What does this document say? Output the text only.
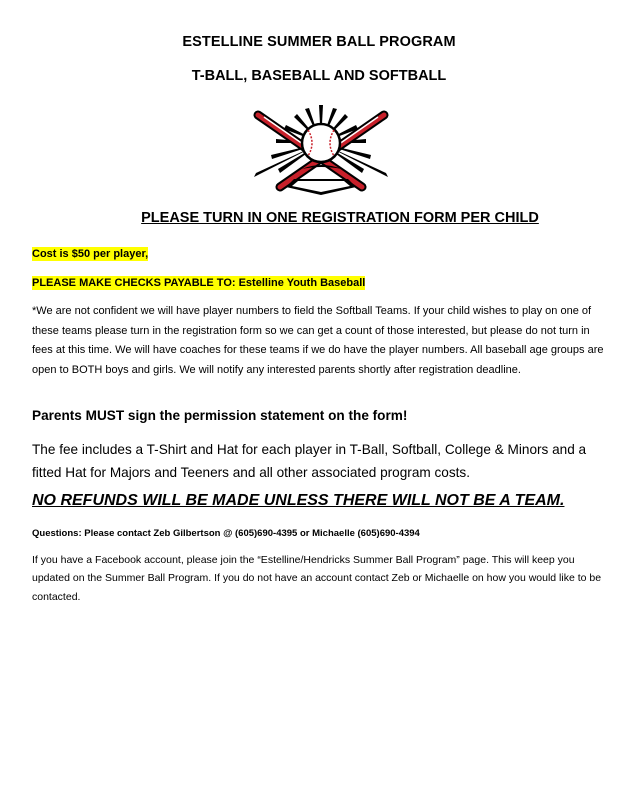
ESTELLINE SUMMER BALL PROGRAM
T-BALL, BASEBALL AND SOFTBALL
PLEASE TURN IN ONE REGISTRATION FORM PER CHILD
Cost is $50 per player,
PLEASE MAKE CHECKS PAYABLE TO: Estelline Youth Baseball
*We are not confident we will have player numbers to field the Softball Teams. If your child wishes to play on one of these teams please turn in the registration form so we can get a count of those interested, but please do not turn in fees at this time. We will have coaches for these teams if we do have the player numbers. All baseball age groups are open to BOTH boys and girls. We will notify any interested parents shortly after registration deadline.
Parents MUST sign the permission statement on the form!
The fee includes a T-Shirt and Hat for each player in T-Ball, Softball, College & Minors and a fitted Hat for Majors and Teeners and all other associated program costs.
NO REFUNDS WILL BE MADE UNLESS THERE WILL NOT BE A TEAM.
Questions: Please contact Zeb Gilbertson @ (605)690-4395 or Michaelle (605)690-4394
If you have a Facebook account, please join the “Estelline/Hendricks Summer Ball Program” page. This will keep you updated on the Summer Ball Program. If you do not have an account contact Zeb or Michaelle on how you would like to be contacted.
